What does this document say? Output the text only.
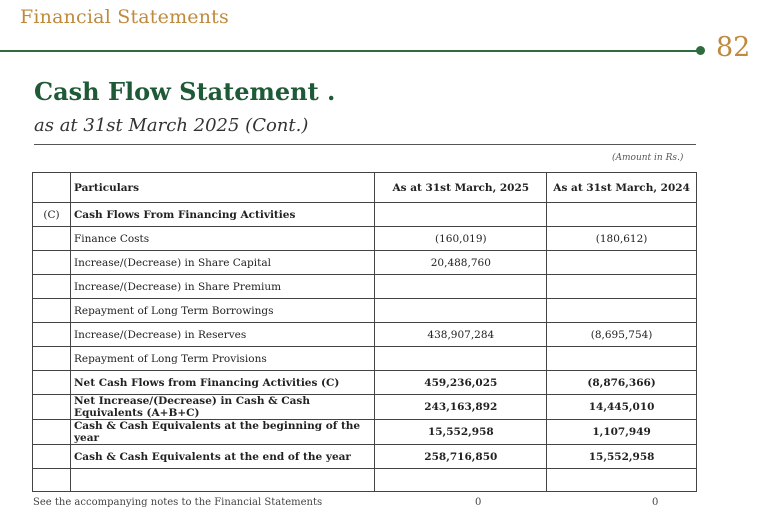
Financial Statements
82
Cash Flow Statement .
as at 31st March 2025 (Cont.)
(Amount in Rs.)
	Particulars	As at 31st March, 2025	As at 31st March, 2024
(C)	Cash Flows From Financing Activities		
	Finance Costs	(160,019)	(180,612)
	Increase/(Decrease) in Share Capital	20,488,760	
	Increase/(Decrease) in Share Premium		
	Repayment of Long Term Borrowings		
	Increase/(Decrease) in Reserves	438,907,284	(8,695,754)
	Repayment of Long Term Provisions		
	Net Cash Flows from Financing Activities (C)	459,236,025	(8,876,366)
	Net Increase/(Decrease) in Cash & Cash Equivalents (A+B+C)	243,163,892	14,445,010
	Cash & Cash Equivalents at the beginning of the year	15,552,958	1,107,949
	Cash & Cash Equivalents at the end of the year	258,716,850	15,552,958

See the accompanying notes to the Financial Statements	0	0
